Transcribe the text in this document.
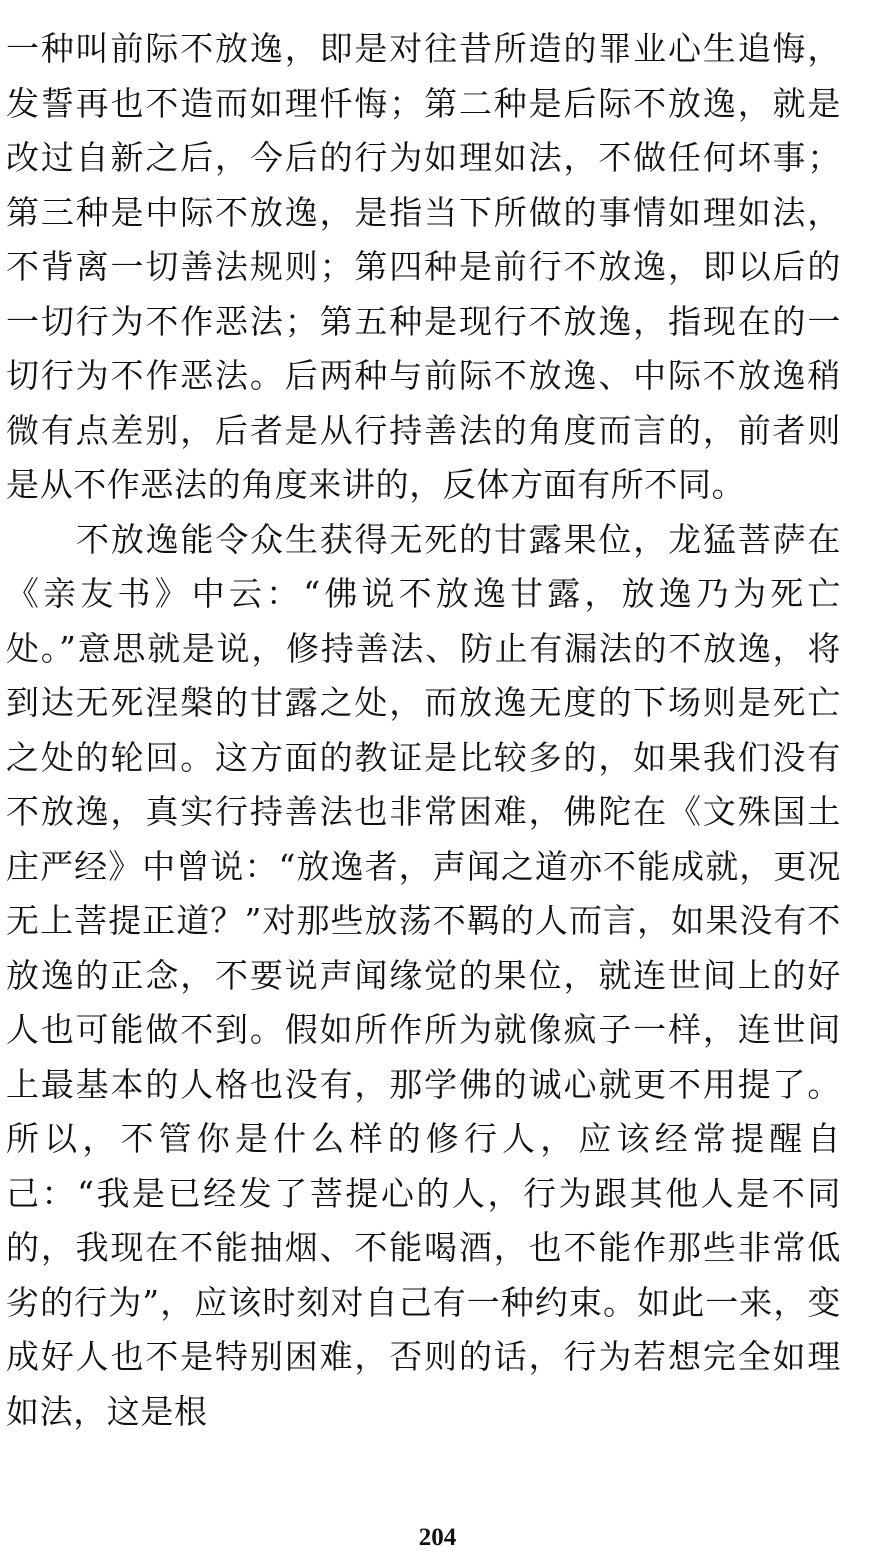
一种叫前际不放逸，即是对往昔所造的罪业心生追悔，发誓再也不造而如理忏悔；第二种是后际不放逸，就是改过自新之后，今后的行为如理如法，不做任何坏事；第三种是中际不放逸，是指当下所做的事情如理如法，不背离一切善法规则；第四种是前行不放逸，即以后的一切行为不作恶法；第五种是现行不放逸，指现在的一切行为不作恶法。后两种与前际不放逸、中际不放逸稍微有点差别，后者是从行持善法的角度而言的，前者则是从不作恶法的角度来讲的，反体方面有所不同。

不放逸能令众生获得无死的甘露果位，龙猛菩萨在《亲友书》中云：“佛说不放逸甘露，放逸乃为死亡处。”意思就是说，修持善法、防止有漏法的不放逸，将到达无死涅槃的甘露之处，而放逸无度的下场则是死亡之处的轮回。这方面的教证是比较多的，如果我们没有不放逸，真实行持善法也非常困难，佛陀在《文殊国土庄严经》中曾说：“放逸者，声闻之道亦不能成就，更况无上菩提正道？”对那些放荡不羁的人而言，如果没有不放逸的正念，不要说声闻缘觉的果位，就连世间上的好人也可能做不到。假如所作所为就像疯子一样，连世间上最基本的人格也没有，那学佛的诚心就更不用提了。所以，不管你是什么样的修行人，应该经常提醒自己：“我是已经发了菩提心的人，行为跟其他人是不同的，我现在不能抽烟、不能喝酒，也不能作那些非常低劣的行为”，应该时刻对自己有一种约束。如此一来，变成好人也不是特别困难，否则的话，行为若想完全如理如法，这是根

204
